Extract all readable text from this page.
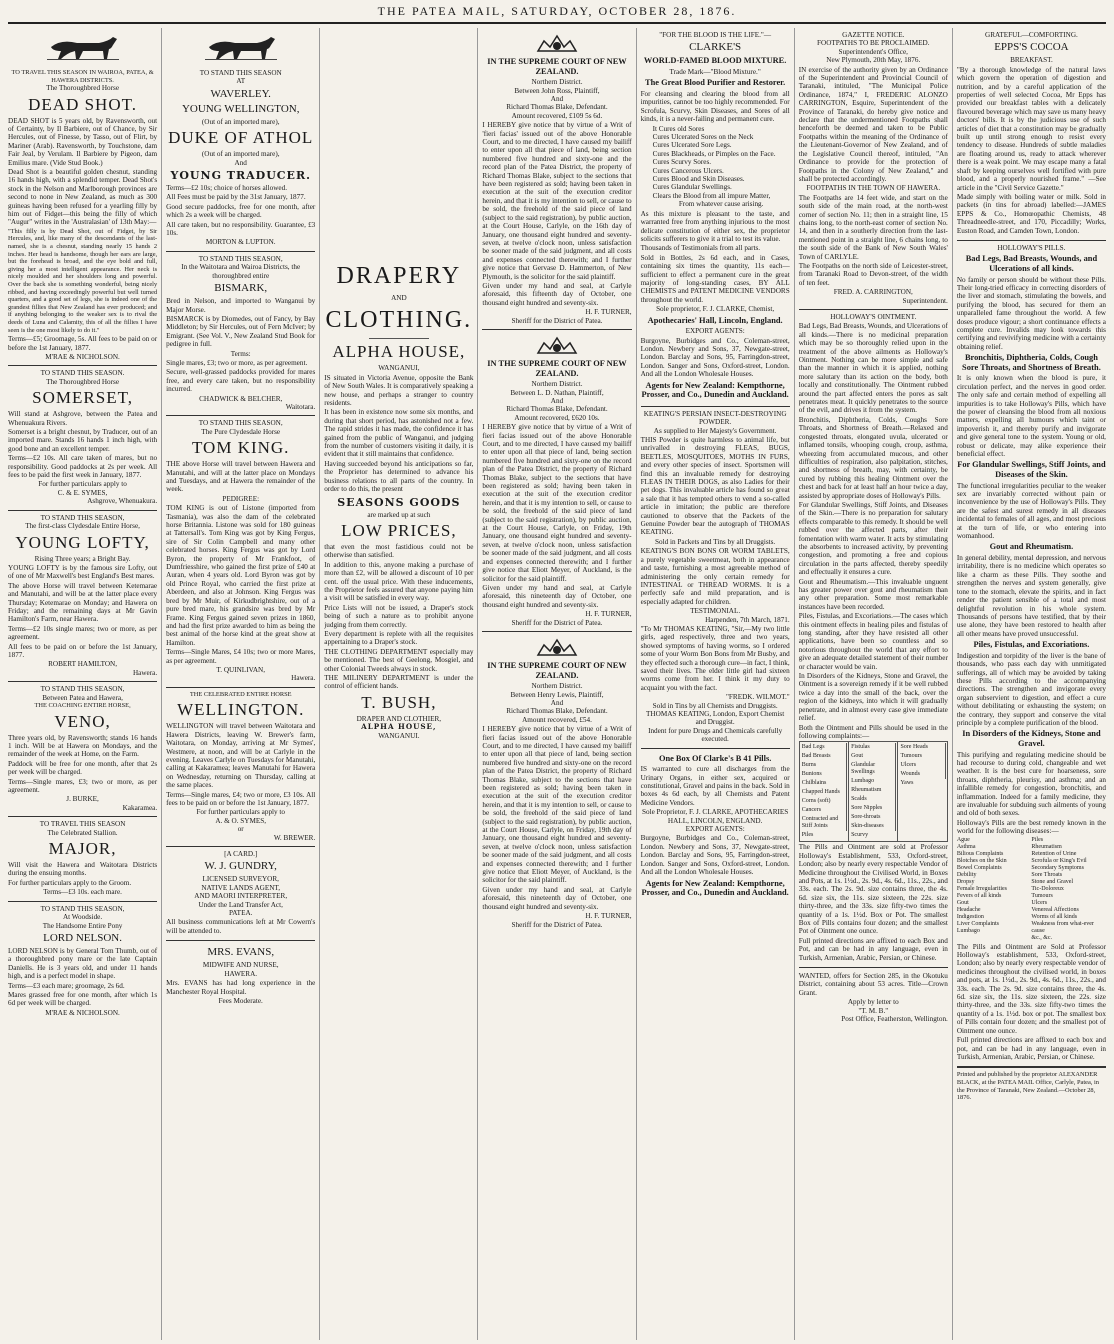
THE PATEA MAIL, SATURDAY, OCTOBER 28, 1876.
TO TRAVEL THIS SEASON IN WAIROA, PATEA, & HAWERA DISTRICTS.
The Thoroughbred Horse
DEAD SHOT.

DEAD SHOT is 5 years old, by Ravensworth, out of Certainty, by Il Barbiere, out of Chance, by Sir Hercules, out of Finesse, by Tasso, out of Flirt, by Mariner (Arab). Ravensworth, by Touchstone, dam Fair Jeal, by Verulam. Il Barbiere by Pigeon, dam Emilius mare. (Vide Stud Book.)

Dead Shot is a beautiful golden chesnut, standing 16 hands high, with a splendid temper. Dead Shot's stock in the Nelson and Marlborough provinces are second to none in New Zealand, as much as 300 guineas having been refused for a yearling filly by him out of Fidget—this being the filly of which "Augur" writes in the 'Australasian' of 13th May:—

"This filly is by Dead Shot, out of Fidget, by Sir Hercules, and, like many of the descendants of the last-named, she is a chesnut, standing nearly 15 hands 2 inches. Her head is handsome, though her ears are large, but the forehead is broad, and the eye bold and full, giving her a most intelligent appearance. Her neck is nicely moulded and her shoulders long and powerful. Over the back she is something wonderful, being nicely ribbed, and having exceedingly powerful but well turned quarters, and a good set of legs, she is indeed one of the grandest fillies that New Zealand has ever produced; and if anything belonging to the weaker sex is to rival the deeds of Luna and Calamity, this of all the fillies I have seen is the one most likely to do it."

Terms—£5; Groomage, 5s. All fees to be paid on or before the 1st January, 1877.

M'RAE & NICHOLSON.
TO STAND THIS SEASON.
The Thoroughbred Horse
SOMERSET,

Will stand at Ashgrove, between the Patea and Whenuakura Rivers.

Somerset is a bright chesnut, by Traducer, out of an imported mare. Stands 16 hands 1 inch high, with good bone and an excellent temper.

Terms—£2 10s. All care taken of mares, but no responsibility. Good paddocks at 2s per week. All fees to be paid the first week in January, 1877.

For further particulars apply to
C. & E. SYMES,
Ashgrove, Whenuakura.
TO STAND THIS SEASON,
The first-class Clydesdale Entire Horse,
YOUNG LOFTY,
Rising Three years; a Bright Bay.

YOUNG LOFTY is by the famous sire Lofty, out of one of Mr Maxwell's best England's Best mares.

The above Horse will travel between Ketemarae and Manutahi, and will be at the latter place every Thursday; Ketemarae on Monday; and Hawera on Friday; and the remaining days at Mr Gavin Hamilton's Farm, near Hawera.

Terms—£2 10s single mares; two or more, as per agreement.

All fees to be paid on or before the 1st January, 1877.

ROBERT HAMILTON,
Hawera.
TO STAND THIS SEASON,
Between Patea and Hawera,
THE COACHING ENTIRE HORSE,
VENO,

Three years old, by Ravensworth; stands 16 hands 1 inch. Will be at Hawera on Mondays, and the remainder of the week at Home, on the Farm.

Paddock will be free for one month, after that 2s per week will be charged.

Terms—Single mares, £3; two or more, as per agreement.

J. BURKE,
Kakaramea.
TO TRAVEL THIS SEASON
The Celebrated Stallion.
MAJOR,

Will visit the Hawera and Waitotara Districts during the ensuing months.

For further particulars apply to the Groom.

Terms—£3 10s. each mare.
TO STAND THIS SEASON,
At Woodside.
The Handsome Entire Pony
LORD NELSON.

LORD NELSON is by General Tom Thumb, out of a thoroughbred pony mare or the late Captain Daniells. He is 3 years old, and under 11 hands high, and is a perfect model in shape.

Terms—£3 each mare; groomage, 2s 6d.

Mares grassed free for one month, after which 1s 6d per week will be charged.

M'RAE & NICHOLSON.
TO STAND THIS SEASON
AT
WAVERLEY.
YOUNG WELLINGTON,
(Out of an imported mare),
DUKE OF ATHOL
(Out of an imported mare),
And
YOUNG TRADUCER.

Terms—£2 10s; choice of horses allowed.

All Fees must be paid by the 31st January, 1877.

Good secure paddocks, free for one month, after which 2s a week will be charged.

All care taken, but no responsibility. Guarantee, £3 10s.

MORTON & LUPTON.
TO STAND THIS SEASON,
In the Waitotara and Wairoa Districts, the thoroughbred entire
BISMARK,

Bred in Nelson, and imported to Wanganui by Major Morse.

BISMARCK is by Diomedes, out of Fancy, by Bay Middleton; by Sir Hercules, out of Fern McIver; by Emigrant. (See Vol. V., New Zealand Stud Book for pedigree in full.

Terms:

Single mares, £3; two or more, as per agreement.

Secure, well-grassed paddocks provided for mares free, and every care taken, but no responsibility incurred.

CHADWICK & BELCHER,
Waitotara.
TO STAND THIS SEASON,
The Pure Clydesdale Horse
TOM KING.

THE above Horse will travel between Hawera and Manutahi, and will at the latter place on Mondays and Tuesdays, and at Hawera the remainder of the week.

PEDIGREE:

TOM KING is out of Listone (imported from Tasmania), was also the dam of the celebrated horse Britannia. Listone was sold for 180 guineas at Tattersall's. Tom King was got by King Fergus, sire of Sir Colin Campbell and many other celebrated horses. King Fergus was got by Lord Byron, the property of Mr Frankfoot, of Dumfriesshire, who gained the first prize of £40 at Auran, when 4 years old. Lord Byron was got by old Prince Royal, who carried the first prize at Aberdeen, and also at Johnson. King Fergus was bred by Mr Muir, of Kirkudbrightshire, out of a pure bred mare, his grandsire was bred by Mr Frame. King Fergus gained seven prizes in 1860, and had the first prize awarded to him as being the best animal of the horse kind at the great show at Hamilton.

Terms—Single Mares, £4 10s; two or more Mares, as per agreement.

T. QUINLIVAN,
Hawera.
THE CELEBRATED ENTIRE HORSE
WELLINGTON.

WELLINGTON will travel between Waitotara and Hawera Districts, leaving W. Brewer's farm, Waitotara, on Monday, arriving at Mr Symes', Westmere, at noon, and will be at Carlyle in the evening. Leaves Carlyle on Tuesdays for Manutahi, calling at Kakaramea; leaves Manutahi for Hawera on Wednesday, returning on Thursday, calling at the same places.

Terms—Single mares, £4; two or more, £3 10s. All fees to be paid on or before the 1st January, 1877.

For further particulars apply to
A. & O. SYMES,
or
W. BREWER.
[A CARD.]
W. J. GUNDRY,
LICENSED SURVEYOR,
NATIVE LANDS AGENT,
AND MAORI INTERPRETER,
Under the Land Transfer Act,
PATEA.

All business communications left at Mr Cowern's will be attended to.

MRS. EVANS,
MIDWIFE AND NURSE,
HAWERA.

Mrs. EVANS has had long experience in the Manchester Royal Hospital.

Fees Moderate.
DRAPERY
AND
CLOTHING.
ALPHA HOUSE,
WANGANUI,

IS situated in Victoria Avenue, opposite the Bank of New South Wales. It is comparatively speaking a new house, and perhaps a stranger to country residents.

It has been in existence now some six months, and during that short period, has astonished not a few. The rapid strides it has made, the confidence it has gained from the public of Wanganui, and judging from the number of customers visiting it daily, it is evident that it still maintains that confidence.

Having succeeded beyond his anticipations so far, the Proprietor has determined to advance his business relations to all parts of the country. In order to do this, the present

SEASONS GOODS
are marked up at such
LOW PRICES,

that even the most fastidious could not be otherwise than satisfied.

In addition to this, anyone making a purchase of more than £2, will be allowed a discount of 10 per cent. off the usual price. With these inducements, the Proprietor feels assured that anyone paying him a visit will be satisfied in every way.

Price Lists will not be issued, a Draper's stock being of such a nature as to prohibit anyone judging from them correctly.

Every department is replete with all the requisites appertaining to a Draper's stock.

THE CLOTHING DEPARTMENT especially may be mentioned. The best of Geelong, Mosgiel, and other Colonial Tweeds always in stock.

THE MILINERY DEPARTMENT is under the control of efficient hands.

T. BUSH,
DRAPER AND CLOTHIER,
ALPHA HOUSE,
WANGANUI.
IN THE SUPREME COURT OF NEW ZEALAND.
Northern District.
Between John Ross, Plaintiff,
And
Richard Thomas Blake, Defendant.
Amount recovered, £109 5s 6d.

I HEREBY give notice that by virtue of a Writ of 'fieri facias' issued out of the above Honorable Court, and to me directed, I have caused my bailiff to enter upon all that piece of land, being section numbered five hundred and sixty-one and the record plan of the Patea District, the property of Richard Thomas Blake, subject to the sections that have been registered as sold; having been taken in execution at the suit of the execution creditor herein, and that it is my intention to sell, or cause to be sold, the freehold of the said piece of land (subject to the said registration), by public auction, at the Court House, Carlyle, on the 16th day of January, one thousand eight hundred and seventy-seven, at twelve o'clock noon, unless satisfaction be sooner made of the said judgment, and all costs and expenses connected therewith; and I further give notice that Gervase D. Hammerton, of New Plymouth, is the solicitor for the said plaintiff.

Given under my hand and seal, at Carlyle aforesaid, this fifteenth day of October, one thousand eight hundred and seventy-six.

H. F. TURNER,
Sheriff for the District of Patea.
IN THE SUPREME COURT OF NEW ZEALAND.
Northern District.
Between L. D. Nathan, Plaintiff,
And
Richard Thomas Blake, Defendant.
Amount recovered, £620 10s.

I HEREBY give notice that by virtue of a Writ of fieri facias issued out of the above Honorable Court, and to me directed, I have caused my bailiff to enter upon all that piece of land, being section numbered five hundred and sixty-one on the record plan of the Patea District, the property of Richard Thomas Blake, subject to the sections that have been registered as sold; having been taken in execution at the suit of the execution creditor herein, and that it is my intention to sell, or cause to be sold, the freehold of the said piece of land (subject to the said registration), by public auction, at the Court House, Carlyle, on Friday, 19th January, one thousand eight hundred and seventy-seven, at twelve o'clock noon, unless satisfaction be sooner made of the said judgment, and all costs and expenses connected therewith; and I further give notice that Eliott Meyer, of Auckland, is the solicitor for the said plaintiff.

Given under my hand and seal, at Carlyle aforesaid, this nineteenth day of October, one thousand eight hundred and seventy-six.

H. F. TURNER,
Sheriff for the District of Patea.
IN THE SUPREME COURT OF NEW ZEALAND.
Northern District.
Between Henry Lewis, Plaintiff,
And
Richard Thomas Blake, Defendant.
Amount recovered, £54.

I HEREBY give notice that by virtue of a Writ of fieri facias issued out of the above Honorable Court, and to me directed, I have caused my bailiff to enter upon all that piece of land, being section numbered five hundred and sixty-one on the record plan of the Patea District, the property of Richard Thomas Blake, subject to the sections that have been registered as sold; having been taken in execution at the suit of the execution creditor herein, and that it is my intention to sell, or cause to be sold, the freehold of the said piece of land (subject to the said registration), by public auction, at the Court House, Carlyle, on Friday, 19th day of January, one thousand eight hundred and seventy-seven, at twelve o'clock noon, unless satisfaction be sooner made of the said judgment, and all costs and expenses connected therewith; and I further give notice that Eliott Meyer, of Auckland, is the solicitor for the said plaintiff.

Given under my hand and seal, at Carlyle aforesaid, this nineteenth day of October, one thousand eight hundred and seventy-six.

H. F. TURNER,
Sheriff for the District of Patea.
"FOR THE BLOOD IS THE LIFE."—
CLARKE'S
WORLD-FAMED BLOOD MIXTURE.
Trade Mark—"Blood Mixture."
The Great Blood Purifier and Restorer.

For cleansing and clearing the blood from all impurities, cannot be too highly recommended. For Scrofula, Scurvy, Skin Diseases, and Sores of all kinds, it is a never-failing and permanent cure.

It Cures old Sores
Cures Ulcerated Sores on the Neck
Cures Ulcerated Sore Legs.
Cures Blackheads, or Pimples on the Face.
Cures Scurvy Sores.
Cures Cancerous Ulcers.
Cures Blood and Skin Diseases.
Cures Glandular Swellings.
Clears the Blood from all impure Matter,
From whatever cause arising.

As this mixture is pleasant to the taste, and warranted free from anything injurious to the most delicate constitution of either sex, the proprietor solicits sufferers to give it a trial to test its value.

Thousands of Testimonials from all parts.

Sold in Bottles, 2s 6d each, and in Cases, containing six times the quantity, 11s each—sufficient to effect a permanent cure in the great majority of long-standing cases, BY ALL CHEMISTS and PATENT MEDICINE VENDORS throughout the world.

Sole proprietor, F. J. CLARKE, Chemist,
Apothecaries' Hall, Lincoln, England.
EXPORT AGENTS:

Burgoyne, Burbidges and Co., Coleman-street, London. Newbery and Sons, 37, Newgate-street, London. Barclay and Sons, 95, Farringdon-street, London. Sanger and Sons, Oxford-street, London. And all the London Wholesale Houses.

Agents for New Zealand: Kempthorne, Prosser, and Co., Dunedin and Auckland.
KEATING'S PERSIAN INSECT-DESTROYING POWDER.
As supplied to Her Majesty's Government.

THIS Powder is quite harmless to animal life, but unrivalled in destroying FLEAS, BUGS, BEETLES, MOSQUITOES, MOTHS IN FURS, and every other species of insect. Sportsmen will find this an invaluable remedy for destroying FLEAS IN THEIR DOGS, as also Ladies for their pet dogs. This invaluable article has found so great a sale that it has tempted others to vend a so-called article in imitation; the public are therefore cautioned to observe that the Packets of the Genuine Powder bear the autograph of THOMAS KEATING.

Sold in Packets and Tins by all Druggists.

KEATING'S BON BONS OR WORM TABLETS, a purely vegetable sweetmeat, both in appearance and taste, furnishing a most agreeable method of administering the only certain remedy for INTESTINAL or THREAD WORMS. It is a perfectly safe and mild preparation, and is especially adapted for children.

TESTIMONIAL.
Harpenden, 7th March, 1871.

"To Mr THOMAS KEATING, "Sir,—My two little girls, aged respectively, three and two years, showed symptoms of having worms, so I ordered some of your Worm Bon Bons from Mr Busby, and they effected such a thorough cure—in fact, I think, saved their lives. The elder little girl had sixteen worms come from her. I think it my duty to acquaint you with the fact.

"FREDK. WILMOT."
Sold in Tins by all Chemists and Druggists.
THOMAS KEATING, London, Export Chemist and Druggist.
Indent for pure Drugs and Chemicals carefully executed.
One Box Of Clarke's B 41 Pills.

IS warranted to cure all discharges from the Urinary Organs, in either sex, acquired or constitutional, Gravel and pains in the back. Sold in boxes 4s 6d each, by all Chemists and Patent Medicine Vendors.

Sole Proprietor, F. J. CLARKE, APOTHECARIES HALL, LINCOLN, ENGLAND.
EXPORT AGENTS:

Burgoyne, Burbidges and Co., Coleman-street, London. Newbery and Sons, 37, Newgate-street, London. Barclay and Sons, 95, Farringdon-street, London. Sanger and Sons, Oxford-street, London. And all the London Wholesale Houses.

Agents for New Zealand: Kempthorne, Prosser, and Co., Dunedin and Auckland.
GAZETTE NOTICE.
FOOTPATHS TO BE PROCLAIMED.
Superintendent's Office,
New Plymouth, 20th May, 1876.

IN exercise of the authority given by an Ordinance of the Superintendent and Provincial Council of Taranaki, intituled, "The Municipal Police Ordinance, 1874," I, FREDERIC ALONZO CARRINGTON, Esquire, Superintendent of the Province of Taranaki, do hereby give notice and declare that the undermentioned Footpaths shall henceforth be deemed and taken to be Public Footpaths within the meaning of the Ordinance of the Lieutenant-Governor of New Zealand, and of the Legislative Council thereof, intituled, "An Ordinance to provide for the protection of Footpaths in the Colony of New Zealand," and shall be protected accordingly.

FOOTPATHS IN THE TOWN OF HAWERA.

The Footpaths are 14 feet wide, and start on the south side of the main road, at the north-west corner of section No. 11; then in a straight line, 15 chains long, to the north-east corner of section No. 14, and then in a southerly direction from the last-mentioned point in a straight line, 6 chains long, to the south side of the Bank of New South Wales' Town of CARLYLE.

The Footpaths on the north side of Leicester-street, from Taranaki Road to Devon-street, of the width of ten feet.

FRED. A. CARRINGTON,
Superintendent.
HOLLOWAY'S OINTMENT.

Bad Legs, Bad Breasts, Wounds, and Ulcerations of all kinds.—There is no medicinal preparation which may be so thoroughly relied upon in the treatment of the above ailments as Holloway's Ointment. Nothing can be more simple and safe than the manner in which it is applied, nothing more salutary than its action on the body, both locally and constitutionally. The Ointment rubbed around the part affected enters the pores as salt penetrates meat. It quickly penetrates to the source of the evil, and drives it from the system.

Bronchitis, Diphtheria, Colds, Coughs Sore Throats, and Shortness of Breath.—Relaxed and congested throats, elongated uvula, ulcerated or inflamed tonsils, whooping cough, croup, asthma, wheezing from accumulated mucous, and other difficulties of respiration, also palpitation, stitches, and shortness of breath, may, with certainty, be cured by rubbing this healing Ointment over the chest and back for at least half an hour twice a day, assisted by appropriate doses of Holloway's Pills.

For Glandular Swellings, Stiff Joints, and Diseases of the Skin.—There is no preparation for salutary effects comparable to this remedy. It should be well rubbed over the affected parts, after their fomentation with warm water. It acts by stimulating the absorbents to increased activity, by preventing congestion, and promoting a free and copious circulation in the parts affected, thereby speedily and effectually it ensures a cure.

Gout and Rheumatism.—This invaluable unguent has greater power over gout and rheumatism than any other preparation. Some most remarkable instances have been recorded.

Piles, Fistulas, and Excoriations.—The cases which this ointment effects in healing piles and fistulas of long standing, after they have resisted all other applications, have been so countless and so notorious throughout the world that any effort to give an adequate detailed statement of their number or character would be vain.

In Disorders of the Kidneys, Stone and Gravel, the Ointment is a sovereign remedy if it be well rubbed twice a day into the small of the back, over the region of the kidneys, into which it will gradually penetrate, and in almost every case give immediate relief.

Both the Ointment and Pills should be used in the following complaints:—

Bad Legs
Bad Breasts
Burns
Bunions
Chilblains
Chapped Hands
Corns (soft)
Cancers
Contracted and Stiff Joints
Piles
Fistulas
Gout
Glandular Swellings
Lumbago
Rheumatism
Scalds
Sore Nipples
Sore-throats
Skin-diseases
Scurvy
Sore Heads
Tumours
Ulcers
Wounds
Yaws

The Pills and Ointment are sold at Professor Holloway's Establishment, 533, Oxford-street, London; also by nearly every respectable Vendor of Medicine throughout the Civilised World, in Boxes and Pots, at 1s. 1½d., 2s. 9d., 4s. 6d., 11s., 22s., and 33s. each. The 2s. 9d. size contains three, the 4s. 6d. size six, the 11s. size sixteen, the 22s. size thirty-three, and the 33s. size fifty-two times the quantity of a 1s. 1½d. Box or Pot. The smallest Box of Pills contains four dozen; and the smallest Pot of Ointment one ounce.

Full printed directions are affixed to each Box and Pot, and can be had in any language, even in Turkish, Armenian, Arabic, Persian, or Chinese.

WANTED, offers for Section 285, in the Okotuku District, containing about 53 acres. Title—Crown Grant.

Apply by letter to
"T. M. B."
Post Office, Featherston, Wellington.
GRATEFUL—COMFORTING.
EPPS'S COCOA
BREAKFAST.

"By a thorough knowledge of the natural laws which govern the operation of digestion and nutrition, and by a careful application of the properties of well selected Cocoa, Mr Epps has provided our breakfast tables with a delicately flavoured beverage which may save us many heavy doctors' bills. It is by the judicious use of such articles of diet that a constitution may be gradually built up until strong enough to resist every tendency to disease. Hundreds of subtle maladies are floating around us, ready to attack wherever there is a weak point. We may escape many a fatal shaft by keeping ourselves well fortified with pure blood, and a properly nourished frame." —See article in the "Civil Service Gazette."

Made simply with boiling water or milk. Sold in packets (in tins for abroad) labelled:—JAMES EPPS & Co., Homœopathic Chemists, 48 Threadneedle-street, and 170, Piccadilly; Works, Euston Road, and Camden Town, London.

HOLLOWAY'S PILLS.
Bad Legs, Bad Breasts, Wounds, and Ulcerations of all kinds.

No family or person should be without these Pills. Their long-tried efficacy in correcting disorders of the liver and stomach, stimulating the bowels, and purifying the blood, has secured for them an unparalleled fame throughout the world. A few doses produce vigour; a short continuance effects a complete cure. Invalids may look towards this certifying and revivifying medicine with a certainty obtaining relief.

Bronchitis, Diphtheria, Colds, Cough Sore Throats, and Shortness of Breath.

It is only known when the blood is pure, it circulation perfect, and the nerves in good order. The only safe and certain method of expelling all impurities is to take Holloway's Pills, which have the power of cleansing the blood from all noxious matters, expelling all humours which taint or impoverish it, and thereby purify and invigorate and give general tone to the system. Young or old, robust or delicate, may alike experience their beneficial effect.

For Glandular Swellings, Stiff Joints, and Diseases of the Skin.

The functional irregularities peculiar to the weaker sex are invariably corrected without pain or inconvenience by the use of Holloway's Pills. They are the safest and surest remedy in all diseases incidental to females of all ages, and most precious at the turn of life, or who entering into womanhood.

Gout and Rheumatism.

In general debility, mental depression, and nervous irritability, there is no medicine which operates so like a charm as these Pills. They soothe and strengthen the nerves and system generally, give tone to the stomach, elevate the spirits, and in fact render the patient sensible of a total and most delightful revolution in his whole system. Thousands of persons have testified, that by their use alone, they have been restored to health after all other means have proved unsuccessful.

Piles, Fistulas, and Excoriations.

Indigestion and torpidity of the liver is the bane of thousands, who pass each day with unmitigated sufferings, all of which may be avoided by taking these Pills according to the accompanying directions. The strengthen and invigorate every organ subservient to digestion, and effect a cure without debilitating or exhausting the system; on the contrary, they support and conserve the vital principle by a complete purification of the blood.

In Disorders of the Kidneys, Stone and Gravel.

This purifying and regulating medicine should be had recourse to during cold, changeable and wet weather. It is the best cure for hoarseness, sore throats, diphtheria, pleurisy, and asthma; and an infallible remedy for congestion, bronchitis, and inflammation. Indeed for a family medicine, they are invaluable for subduing such ailments of young and old of both sexes.

Holloway's Pills are the best remedy known in the world for the following diseases:—

Ague
Asthma
Bilious Complaints
Blotches on the Skin
Bowel Complaints
Debility
Dropsy
Female Irregularities
Fevers of all kinds
Gout
Headache
Indigestion
Liver Complaints
Lumbago
Piles
Rheumatism
Retention of Urine
Scrofula or King's Evil
Secondary Symptoms
Sore Throats
Stone and Gravel
Tic-Doloreux
Tumours
Ulcers
Venereal Affections
Worms of all kinds
Weakness from what-ever cause
&c., &c.

The Pills and Ointment are Sold at Professor Holloway's establishment, 533, Oxford-street, London; also by nearly every respectable vendor of medicines throughout the civilised world, in boxes and pots, at 1s. 1½d., 2s. 9d., 4s. 6d., 11s., 22s., and 33s. each. The 2s. 9d. size contains three, the 4s. 6d. size six, the 11s. size sixteen, the 22s. size thirty-three, and the 33s. size fifty-two times the quantity of a 1s. 1½d. box or pot. The smallest box of Pills contain four dozen; and the smallest pot of Ointment one ounce.

Full printed directions are affixed to each box and pot, and can be had in any language, even in Turkish, Armenian, Arabic, Persian, or Chinese.

Printed and published by the proprietor ALEXANDER BLACK, at the PATEA MAIL Office, Carlyle, Patea, in the Province of Taranaki, New Zealand.—October 28, 1876.
